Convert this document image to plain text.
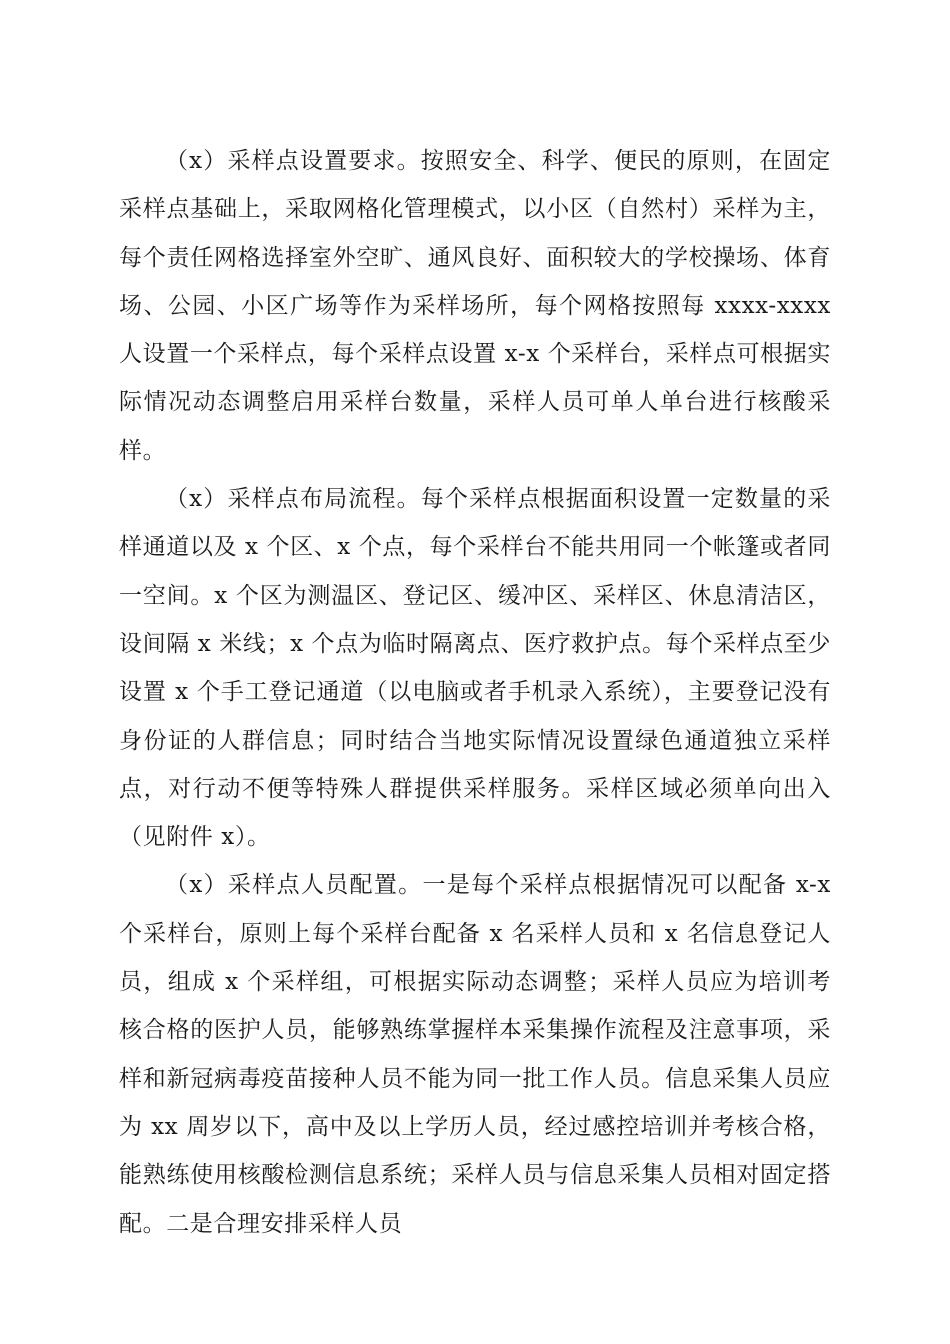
（x）采样点设置要求。按照安全、科学、便民的原则，在固定采样点基础上，采取网格化管理模式，以小区（自然村）采样为主，每个责任网格选择室外空旷、通风良好、面积较大的学校操场、体育场、公园、小区广场等作为采样场所，每个网格按照每 xxxx-xxxx 人设置一个采样点，每个采样点设置 x-x 个采样台，采样点可根据实际情况动态调整启用采样台数量，采样人员可单人单台进行核酸采样。

（x）采样点布局流程。每个采样点根据面积设置一定数量的采样通道以及 x 个区、x 个点，每个采样台不能共用同一个帐篷或者同一空间。x 个区为测温区、登记区、缓冲区、采样区、休息清洁区，设间隔 x 米线；x 个点为临时隔离点、医疗救护点。每个采样点至少设置 x 个手工登记通道（以电脑或者手机录入系统），主要登记没有身份证的人群信息；同时结合当地实际情况设置绿色通道独立采样点，对行动不便等特殊人群提供采样服务。采样区域必须单向出入（见附件 x）。

（x）采样点人员配置。一是每个采样点根据情况可以配备 x-x 个采样台，原则上每个采样台配备 x 名采样人员和 x 名信息登记人员，组成 x 个采样组，可根据实际动态调整；采样人员应为培训考核合格的医护人员，能够熟练掌握样本采集操作流程及注意事项，采样和新冠病毒疫苗接种人员不能为同一批工作人员。信息采集人员应为 xx 周岁以下，高中及以上学历人员，经过感控培训并考核合格，能熟练使用核酸检测信息系统；采样人员与信息采集人员相对固定搭配。二是合理安排采样人员
